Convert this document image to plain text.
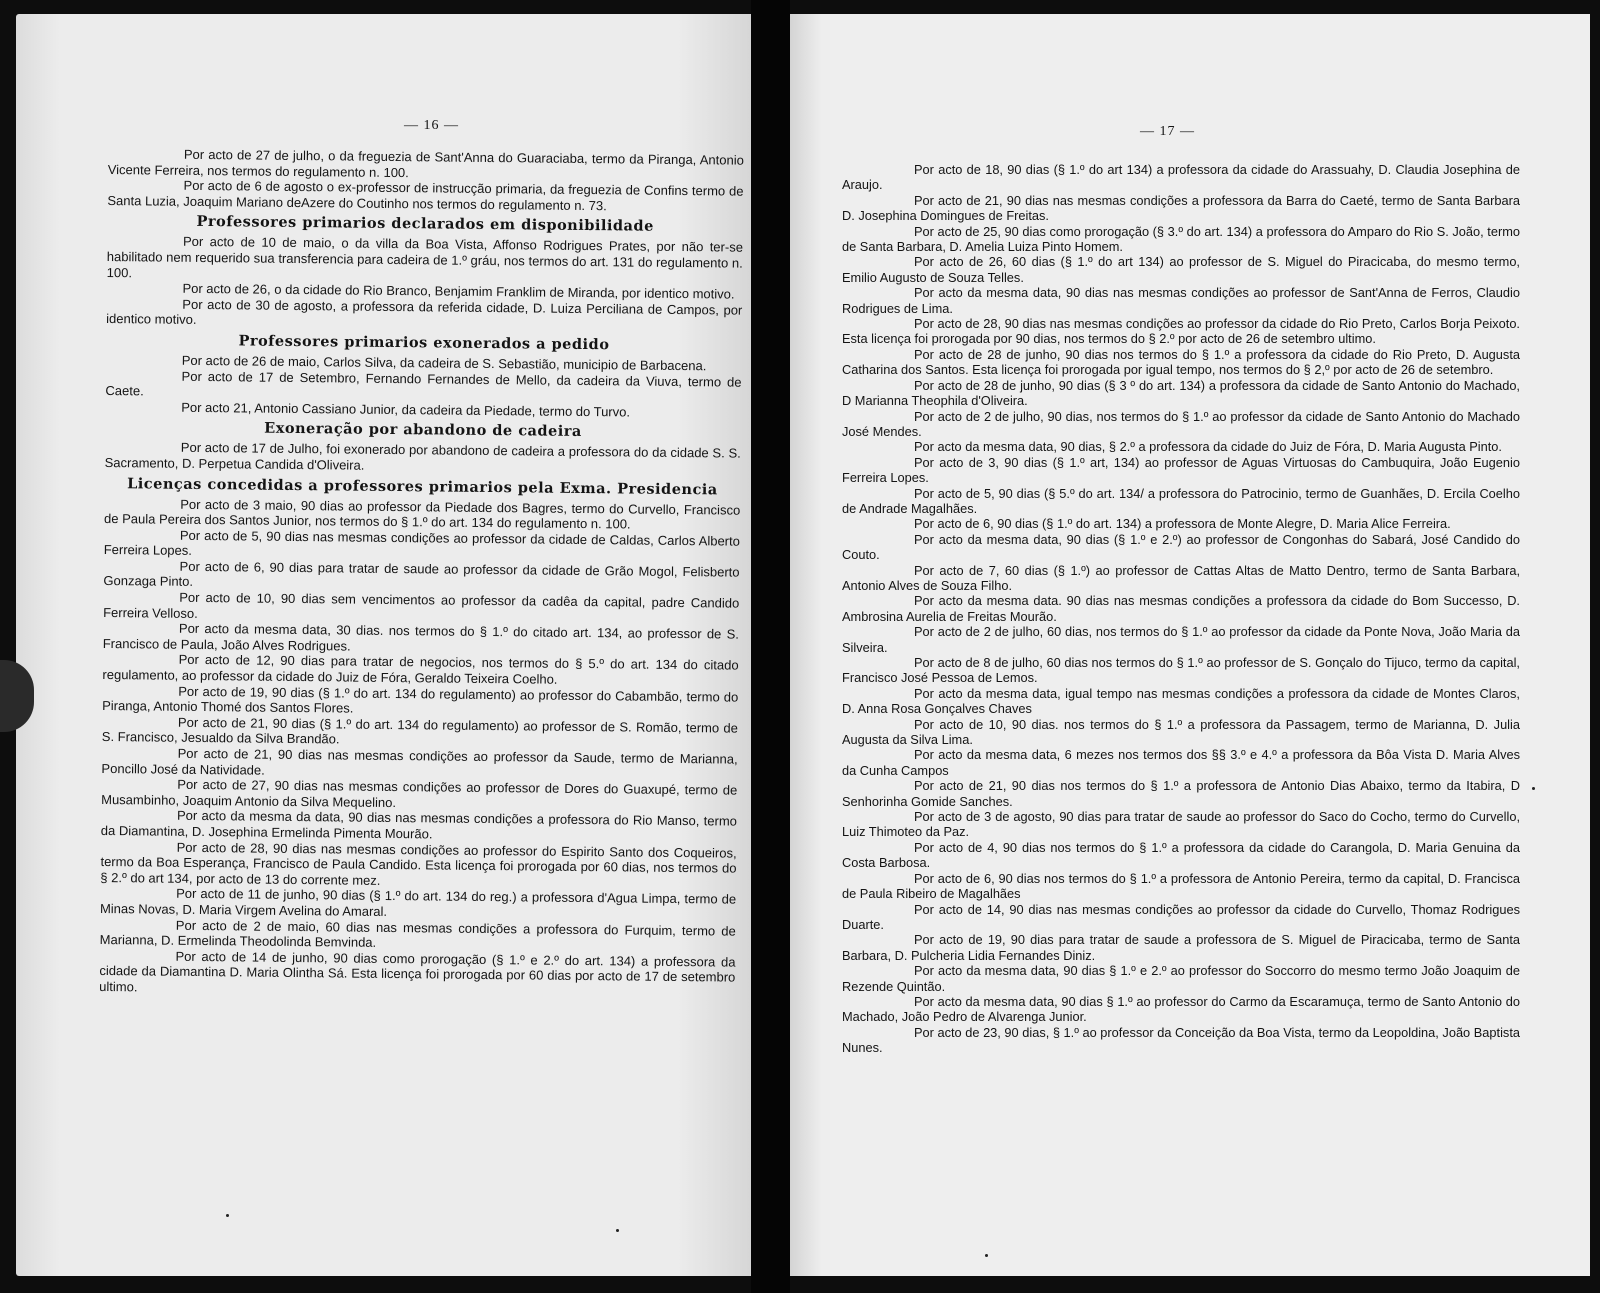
— 16 —

Por acto de 27 de julho, o da freguezia de Sant'Anna do Guaraciaba, termo da Piranga, Antonio Vicente Ferreira, nos termos do regulamento n. 100.

Por acto de 6 de agosto o ex-professor de instrucção primaria, da freguezia de Confins termo de Santa Luzia, Joaquim Mariano deAzere do Coutinho nos termos do regulamento n. 73.

Professores primarios declarados em disponibilidade

Por acto de 10 de maio, o da villa da Boa Vista, Affonso Rodrigues Prates, por não ter-se habilitado nem requerido sua transferencia para cadeira de 1.º gráu, nos termos do art. 131 do regulamento n. 100.

Por acto de 26, o da cidade do Rio Branco, Benjamim Franklim de Miranda, por identico motivo.

Por acto de 30 de agosto, a professora da referida cidade, D. Luiza Perciliana de Campos, por identico motivo.

Professores primarios exonerados a pedido

Por acto de 26 de maio, Carlos Silva, da cadeira de S. Sebastião, municipio de Barbacena.

Por acto de 17 de Setembro, Fernando Fernandes de Mello, da cadeira da Viuva, termo de Caete.

Por acto 21, Antonio Cassiano Junior, da cadeira da Piedade, termo do Turvo.

Exoneração por abandono de cadeira

Por acto de 17 de Julho, foi exonerado por abandono de cadeira a professora do da cidade S. S. Sacramento, D. Perpetua Candida d'Oliveira.

Licenças concedidas a professores primarios pela Exma. Presidencia

Por acto de 3 maio, 90 dias ao professor da Piedade dos Bagres, termo do Curvello, Francisco de Paula Pereira dos Santos Junior, nos termos do § 1.º do art. 134 do regulamento n. 100.

Por acto de 5, 90 dias nas mesmas condições ao professor da cidade de Caldas, Carlos Alberto Ferreira Lopes.

Por acto de 6, 90 dias para tratar de saude ao professor da cidade de Grão Mogol, Felisberto Gonzaga Pinto.

Por acto de 10, 90 dias sem vencimentos ao professor da cadêa da capital, padre Candido Ferreira Velloso.

Por acto da mesma data, 30 dias. nos termos do § 1.º do citado art. 134, ao professor de S. Francisco de Paula, João Alves Rodrigues.

Por acto de 12, 90 dias para tratar de negocios, nos termos do § 5.º do art. 134 do citado regulamento, ao professor da cidade do Juiz de Fóra, Geraldo Teixeira Coelho.

Por acto de 19, 90 dias (§ 1.º do art. 134 do regulamento) ao professor do Cabambão, termo do Piranga, Antonio Thomé dos Santos Flores.

Por acto de 21, 90 dias (§ 1.º do art. 134 do regulamento) ao professor de S. Romão, termo de S. Francisco, Jesualdo da Silva Brandão.

Por acto de 21, 90 dias nas mesmas condições ao professor da Saude, termo de Marianna, Poncillo José da Natividade.

Por acto de 27, 90 dias nas mesmas condições ao professor de Dores do Guaxupé, termo de Musambinho, Joaquim Antonio da Silva Mequelino.

Por acto da mesma da data, 90 dias nas mesmas condições a professora do Rio Manso, termo da Diamantina, D. Josephina Ermelinda Pimenta Mourão.

Por acto de 28, 90 dias nas mesmas condições ao professor do Espirito Santo dos Coqueiros, termo da Boa Esperança, Francisco de Paula Candido. Esta licença foi prorogada por 60 dias, nos termos do § 2.º do art 134, por acto de 13 do corrente mez.

Por acto de 11 de junho, 90 dias (§ 1.º do art. 134 do reg.) a professora d'Agua Limpa, termo de Minas Novas, D. Maria Virgem Avelina do Amaral.

Por acto de 2 de maio, 60 dias nas mesmas condições a professora do Furquim, termo de Marianna, D. Ermelinda Theodolinda Bemvinda.

Por acto de 14 de junho, 90 dias como prorogação (§ 1.º e 2.º do art. 134) a professora da cidade da Diamantina D. Maria Olintha Sá. Esta licença foi prorogada por 60 dias por acto de 17 de setembro ultimo.

— 17 —

Por acto de 18, 90 dias (§ 1.º do art 134) a professora da cidade do Arassuahy, D. Claudia Josephina de Araujo.

Por acto de 21, 90 dias nas mesmas condições a professora da Barra do Caeté, termo de Santa Barbara D. Josephina Domingues de Freitas.

Por acto de 25, 90 dias como prorogação (§ 3.º do art. 134) a professora do Amparo do Rio S. João, termo de Santa Barbara, D. Amelia Luiza Pinto Homem.

Por acto de 26, 60 dias (§ 1.º do art 134) ao professor de S. Miguel do Piracicaba, do mesmo termo, Emilio Augusto de Souza Telles.

Por acto da mesma data, 90 dias nas mesmas condições ao professor de Sant'Anna de Ferros, Claudio Rodrigues de Lima.

Por acto de 28, 90 dias nas mesmas condições ao professor da cidade do Rio Preto, Carlos Borja Peixoto. Esta licença foi prorogada por 90 dias, nos termos do § 2.º por acto de 26 de setembro ultimo.

Por acto de 28 de junho, 90 dias nos termos do § 1.º a professora da cidade do Rio Preto, D. Augusta Catharina dos Santos. Esta licença foi prorogada por igual tempo, nos termos do § 2,º por acto de 26 de setembro.

Por acto de 28 de junho, 90 dias (§ 3 º do art. 134) a professora da cidade de Santo Antonio do Machado, D Marianna Theophila d'Oliveira.

Por acto de 2 de julho, 90 dias, nos termos do § 1.º ao professor da cidade de Santo Antonio do Machado José Mendes.

Por acto da mesma data, 90 dias, § 2.º a professora da cidade do Juiz de Fóra, D. Maria Augusta Pinto.

Por acto de 3, 90 dias (§ 1.º art, 134) ao professor de Aguas Virtuosas do Cambuquira, João Eugenio Ferreira Lopes.

Por acto de 5, 90 dias (§ 5.º do art. 134/ a professora do Patrocinio, termo de Guanhães, D. Ercila Coelho de Andrade Magalhães.

Por acto de 6, 90 dias (§ 1.º do art. 134) a professora de Monte Alegre, D. Maria Alice Ferreira.

Por acto da mesma data, 90 dias (§ 1.º e 2.º) ao professor de Congonhas do Sabará, José Candido do Couto.

Por acto de 7, 60 dias (§ 1.º) ao professor de Cattas Altas de Matto Dentro, termo de Santa Barbara, Antonio Alves de Souza Filho.

Por acto da mesma data. 90 dias nas mesmas condições a professora da cidade do Bom Successo, D. Ambrosina Aurelia de Freitas Mourão.

Por acto de 2 de julho, 60 dias, nos termos do § 1.º ao professor da cidade da Ponte Nova, João Maria da Silveira.

Por acto de 8 de julho, 60 dias nos termos do § 1.º ao professor de S. Gonçalo do Tijuco, termo da capital, Francisco José Pessoa de Lemos.

Por acto da mesma data, igual tempo nas mesmas condições a professora da cidade de Montes Claros, D. Anna Rosa Gonçalves Chaves

Por acto de 10, 90 dias. nos termos do § 1.º a professora da Passagem, termo de Marianna, D. Julia Augusta da Silva Lima.

Por acto da mesma data, 6 mezes nos termos dos §§ 3.º e 4.º a professora da Bôa Vista D. Maria Alves da Cunha Campos

Por acto de 21, 90 dias nos termos do § 1.º a professora de Antonio Dias Abaixo, termo da Itabira, D Senhorinha Gomide Sanches.

Por acto de 3 de agosto, 90 dias para tratar de saude ao professor do Saco do Cocho, termo do Curvello, Luiz Thimoteo da Paz.

Por acto de 4, 90 dias nos termos do § 1.º a professora da cidade do Carangola, D. Maria Genuina da Costa Barbosa.

Por acto de 6, 90 dias nos termos do § 1.º a professora de Antonio Pereira, termo da capital, D. Francisca de Paula Ribeiro de Magalhães

Por acto de 14, 90 dias nas mesmas condições ao professor da cidade do Curvello, Thomaz Rodrigues Duarte.

Por acto de 19, 90 dias para tratar de saude a professora de S. Miguel de Piracicaba, termo de Santa Barbara, D. Pulcheria Lidia Fernandes Diniz.

Por acto da mesma data, 90 dias § 1.º e 2.º ao professor do Soccorro do mesmo termo João Joaquim de Rezende Quintão.

Por acto da mesma data, 90 dias § 1.º ao professor do Carmo da Escaramuça, termo de Santo Antonio do Machado, João Pedro de Alvarenga Junior.

Por acto de 23, 90 dias, § 1.º ao professor da Conceição da Boa Vista, termo da Leopoldina, João Baptista Nunes.
